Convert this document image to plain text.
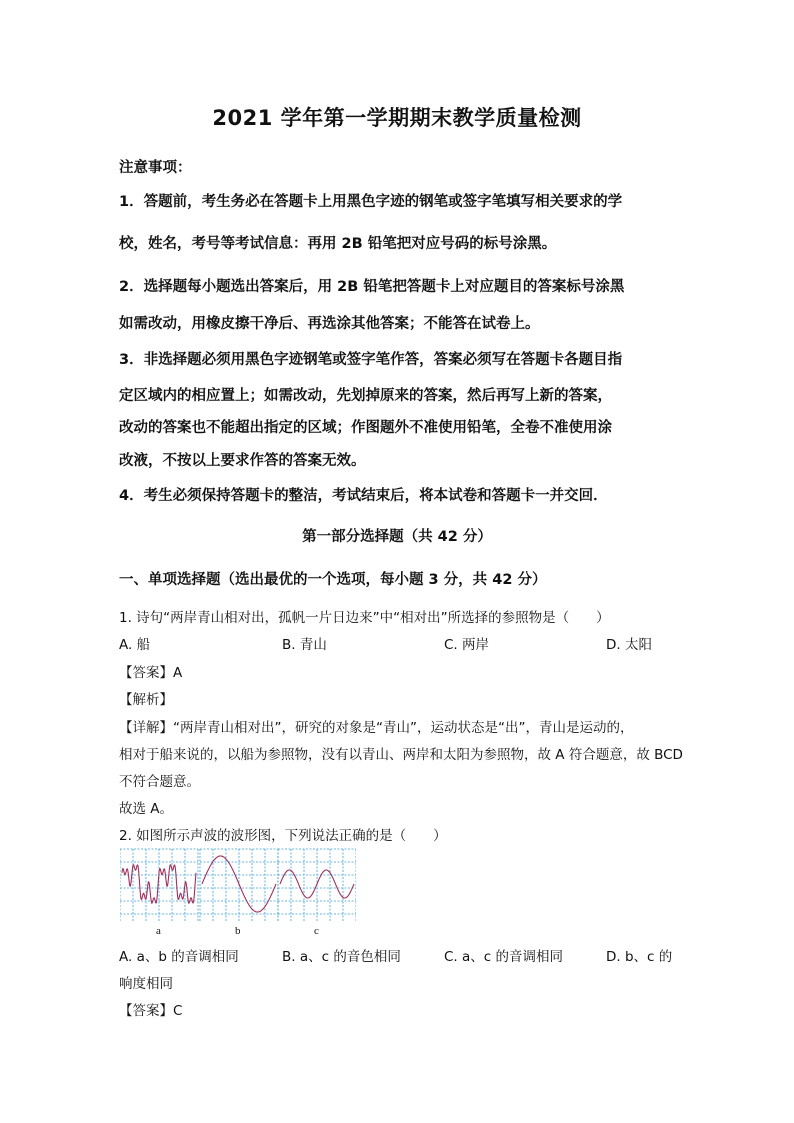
2021 学年第一学期期末教学质量检测
注意事项：
1．答题前，考生务必在答题卡上用黑色字迹的钢笔或签字笔填写相关要求的学
校，姓名，考号等考试信息：再用 2B 铅笔把对应号码的标号涂黑。
2．选择题每小题选出答案后，用 2B 铅笔把答题卡上对应题目的答案标号涂黑
如需改动，用橡皮擦干净后、再选涂其他答案；不能答在试卷上。
3．非选择题必须用黑色字迹钢笔或签字笔作答，答案必须写在答题卡各题目指
定区域内的相应置上；如需改动，先划掉原来的答案，然后再写上新的答案，
改动的答案也不能超出指定的区域；作图题外不准使用铅笔，全卷不准使用涂
改液，不按以上要求作答的答案无效。
4．考生必须保持答题卡的整洁，考试结束后，将本试卷和答题卡一并交回．
第一部分选择题（共 42 分）
一、单项选择题（选出最优的一个选项，每小题 3 分，共 42 分）
1. 诗句“两岸青山相对出，孤帆一片日边来”中“相对出”所选择的参照物是（　　）
A. 船	B. 青山	C. 两岸	D. 太阳
【答案】A
【解析】
【详解】“两岸青山相对出”，研究的对象是“青山”，运动状态是“出”，青山是运动的，
相对于船来说的，以船为参照物，没有以青山、两岸和太阳为参照物，故 A 符合题意，故 BCD
不符合题意。
故选 A。
2. 如图所示声波的波形图，下列说法正确的是（　　）
a	b	c
A. a、b 的音调相同	B. a、c 的音色相同	C. a、c 的音调相同	D. b、c 的
响度相同
【答案】C
